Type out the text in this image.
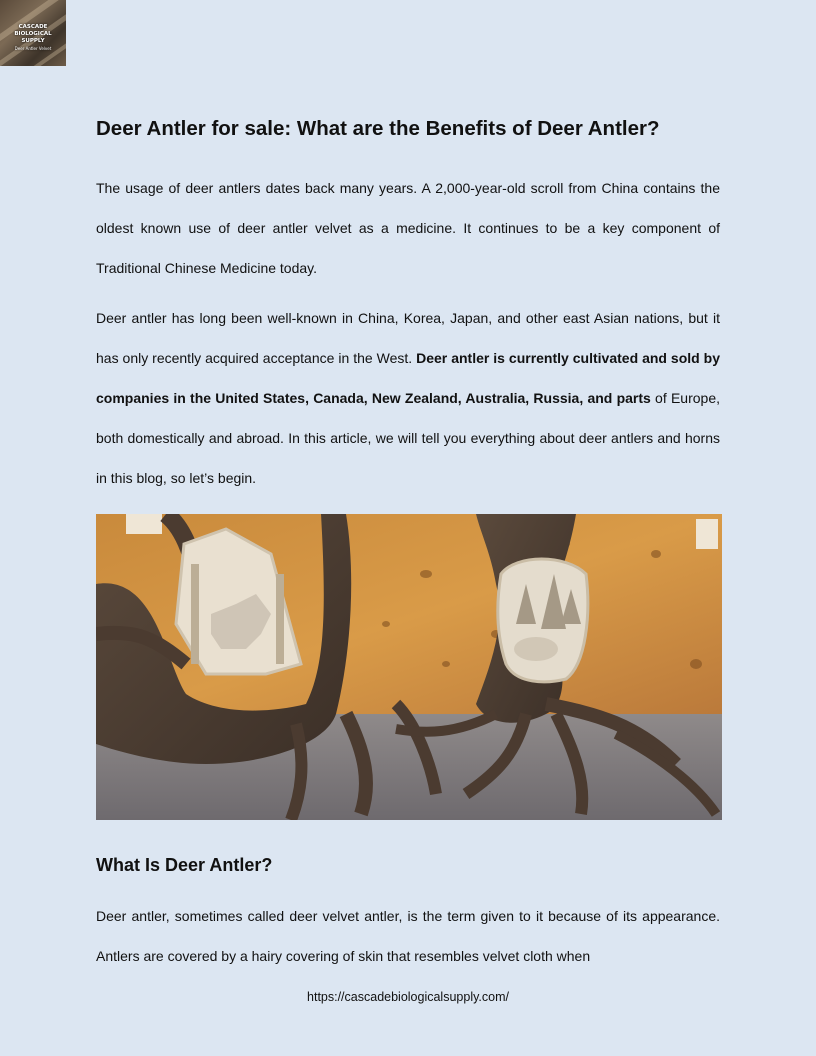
CASCADE BIOLOGICAL SUPPLY
Deer Antler Velvet
Deer Antler for sale: What are the Benefits of Deer Antler?

The usage of deer antlers dates back many years. A 2,000-year-old scroll from China contains the oldest known use of deer antler velvet as a medicine. It continues to be a key component of Traditional Chinese Medicine today.

Deer antler has long been well-known in China, Korea, Japan, and other east Asian nations, but it has only recently acquired acceptance in the West. Deer antler is currently cultivated and sold by companies in the United States, Canada, New Zealand, Australia, Russia, and parts of Europe, both domestically and abroad. In this article, we will tell you everything about deer antlers and horns in this blog, so let’s begin.

What Is Deer Antler?

Deer antler, sometimes called deer velvet antler, is the term given to it because of its appearance. Antlers are covered by a hairy covering of skin that resembles velvet cloth when

https://cascadebiologicalsupply.com/
